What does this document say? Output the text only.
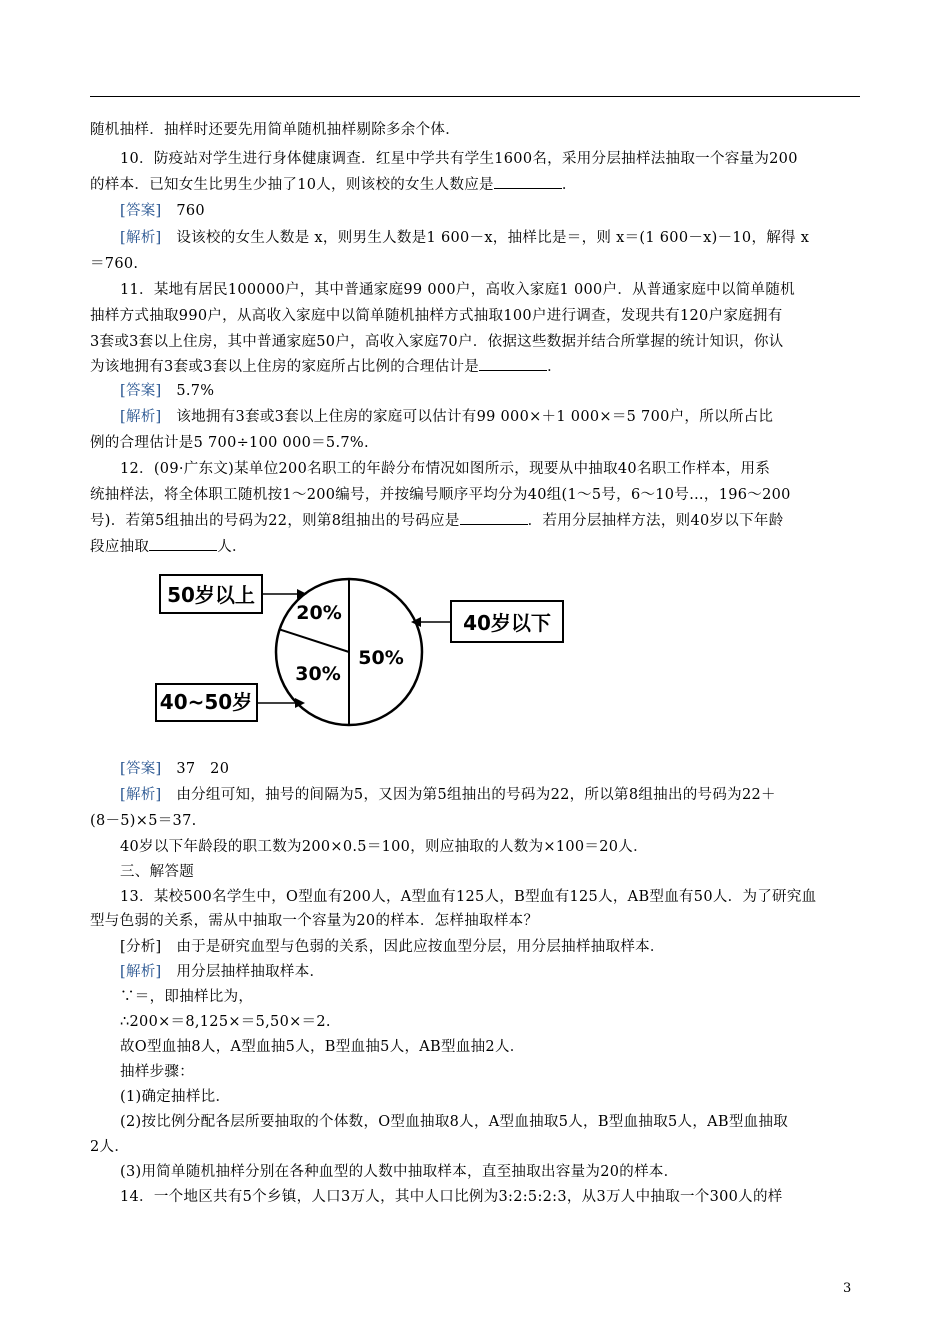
随机抽样．抽样时还要先用简单随机抽样剔除多余个体．
10．防疫站对学生进行身体健康调查．红星中学共有学生1600名，采用分层抽样法抽取一个容量为200
的样本．已知女生比男生少抽了10人，则该校的女生人数应是	．
[答案]　 760
[解析]　 设该校的女生人数是 x，则男生人数是1 600－x，抽样比是＝，则 x＝(1 600－x)－10，解得 x
＝760.
11．某地有居民100000户，其中普通家庭99 000户，高收入家庭1 000户．从普通家庭中以简单随机
抽样方式抽取990户，从高收入家庭中以简单随机抽样方式抽取100户进行调查，发现共有120户家庭拥有
3套或3套以上住房，其中普通家庭50户，高收入家庭70户．依据这些数据并结合所掌握的统计知识，你认
为该地拥有3套或3套以上住房的家庭所占比例的合理估计是	．
[答案]　 5.7%
[解析]　 该地拥有3套或3套以上住房的家庭可以估计有99 000×＋1 000×＝5 700户，所以所占比
例的合理估计是5 700÷100 000＝5.7%.
12．(09·广东文)某单位200名职工的年龄分布情况如图所示，现要从中抽取40名职工作样本，用系
统抽样法，将全体职工随机按1～200编号，并按编号顺序平均分为40组(1～5号，6～10号…，196～200
号)．若第5组抽出的号码为22，则第8组抽出的号码应是	．若用分层抽样方法，则40岁以下年龄
段应抽取	人．
50岁以上
40岁以下
40~50岁
20%
30%
50%
[答案]　 37　20
[解析]　 由分组可知，抽号的间隔为5，又因为第5组抽出的号码为22，所以第8组抽出的号码为22＋
(8－5)×5＝37.
40岁以下年龄段的职工数为200×0.5＝100，则应抽取的人数为×100＝20人．
三、解答题
13．某校500名学生中，O型血有200人，A型血有125人，B型血有125人，AB型血有50人．为了研究血
型与色弱的关系，需从中抽取一个容量为20的样本．怎样抽取样本？
[分析]　 由于是研究血型与色弱的关系，因此应按血型分层，用分层抽样抽取样本．
[解析]　 用分层抽样抽取样本．
∵＝，即抽样比为，
∴200×＝8,125×＝5,50×＝2.
故O型血抽8人，A型血抽5人，B型血抽5人，AB型血抽2人．
抽样步骤：
(1)确定抽样比．
(2)按比例分配各层所要抽取的个体数，O型血抽取8人，A型血抽取5人，B型血抽取5人，AB型血抽取
2人．
(3)用简单随机抽样分别在各种血型的人数中抽取样本，直至抽取出容量为20的样本．
14．一个地区共有5个乡镇，人口3万人，其中人口比例为3:2:5:2:3，从3万人中抽取一个300人的样
3
